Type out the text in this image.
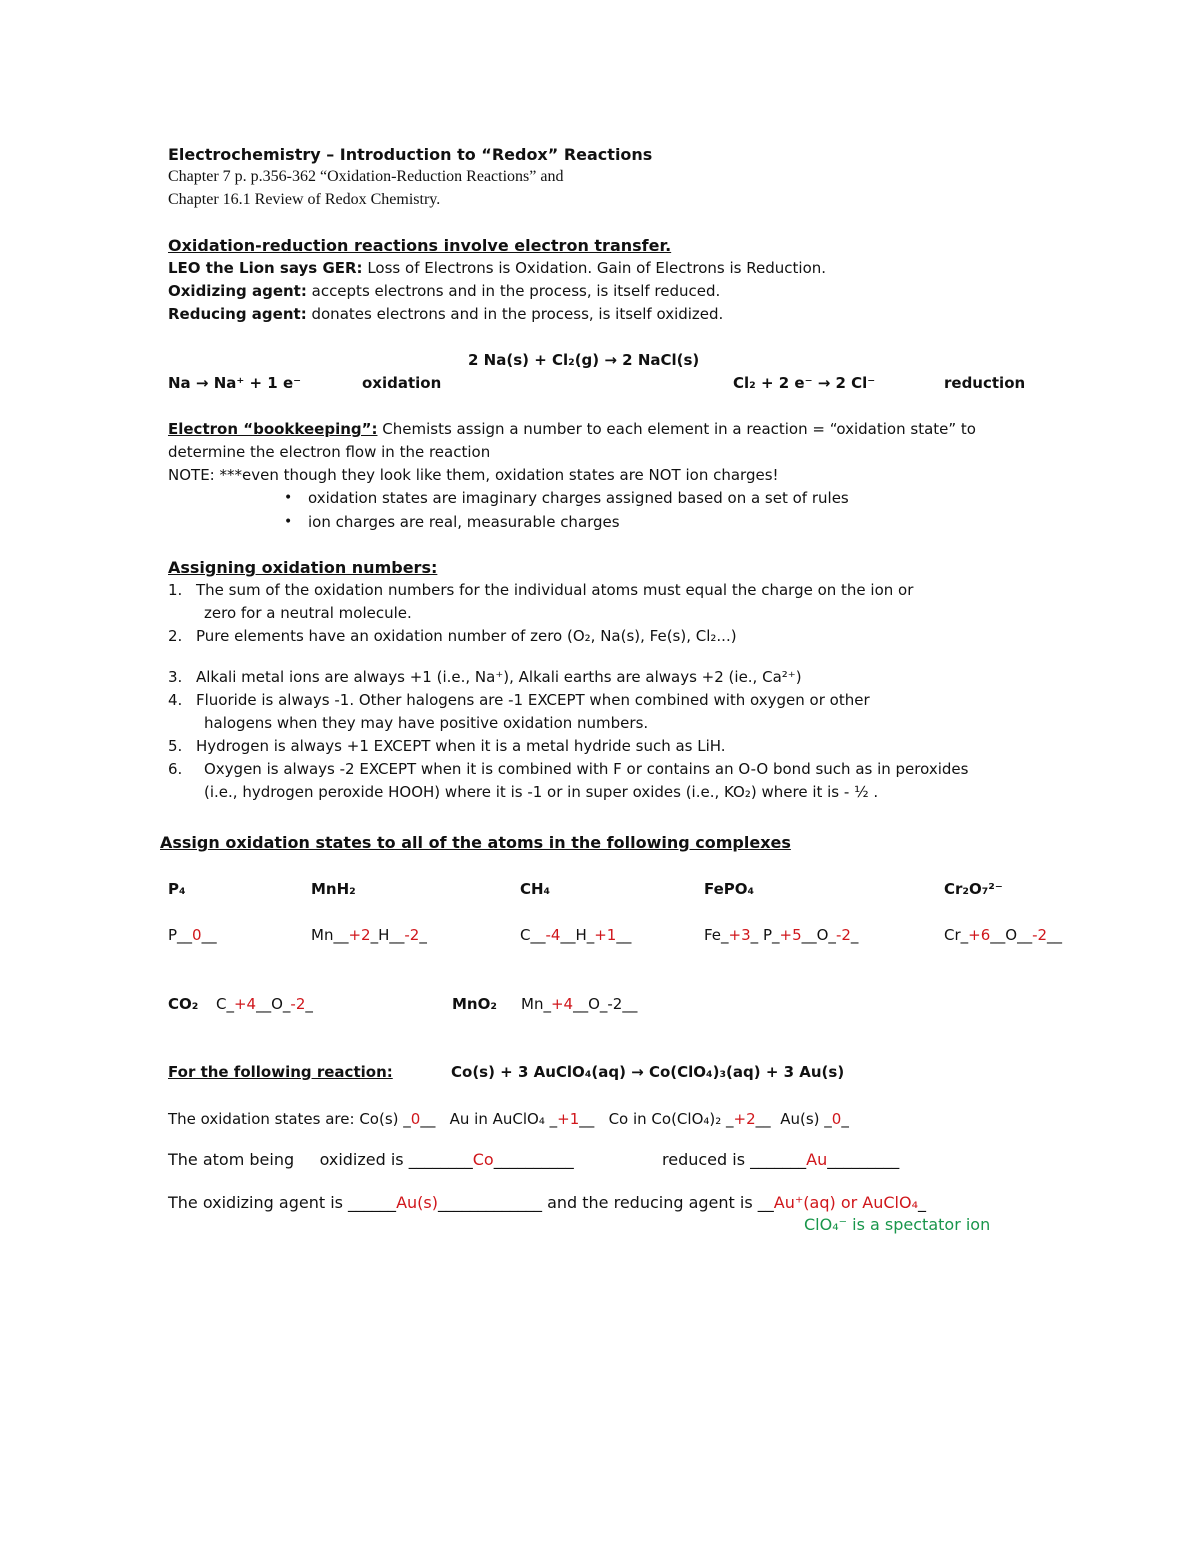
Electrochemistry – Introduction to “Redox” Reactions
Chapter 7 p. p.356-362 “Oxidation-Reduction Reactions” and
Chapter 16.1 Review of Redox Chemistry.
Oxidation-reduction reactions involve electron transfer.
LEO the Lion says GER: Loss of Electrons is Oxidation. Gain of Electrons is Reduction.
Oxidizing agent: accepts electrons and in the process, is itself reduced.
Reducing agent: donates electrons and in the process, is itself oxidized.
2 Na(s) + Cl₂(g) → 2 NaCl(s)
Na → Na⁺ + 1 e⁻	oxidation	Cl₂ + 2 e⁻ → 2 Cl⁻	reduction
Electron “bookkeeping”: Chemists assign a number to each element in a reaction = “oxidation state” to
determine the electron flow in the reaction
NOTE: ***even though they look like them, oxidation states are NOT ion charges!
• oxidation states are imaginary charges assigned based on a set of rules
• ion charges are real, measurable charges
Assigning oxidation numbers:
1. The sum of the oxidation numbers for the individual atoms must equal the charge on the ion or
zero for a neutral molecule.
2. Pure elements have an oxidation number of zero (O₂, Na(s), Fe(s), Cl₂...)
3. Alkali metal ions are always +1 (i.e., Na⁺), Alkali earths are always +2 (ie., Ca²⁺)
4. Fluoride is always -1. Other halogens are -1 EXCEPT when combined with oxygen or other
halogens when they may have positive oxidation numbers.
5. Hydrogen is always +1 EXCEPT when it is a metal hydride such as LiH.
6. Oxygen is always -2 EXCEPT when it is combined with F or contains an O-O bond such as in peroxides
(i.e., hydrogen peroxide HOOH) where it is -1 or in super oxides (i.e., KO₂) where it is - ½ .
Assign oxidation states to all of the atoms in the following complexes
P₄	MnH₂	CH₄	FePO₄	Cr₂O₇²⁻
P__0__	Mn__+2_H__-2_	C__-4__H_+1__	Fe_+3_ P_+5__O_-2_	Cr_+6__O__-2__
CO₂ C_+4__O_-2_	MnO₂ Mn_+4__O_-2__
For the following reaction:	Co(s) + 3 AuClO₄(aq) → Co(ClO₄)₃(aq) + 3 Au(s)
The oxidation states are: Co(s) _0__   Au in AuClO₄ _+1__   Co in Co(ClO₄)₂ _+2__  Au(s) _0_
The atom being oxidized is ________Co__________	reduced is _______Au_________
The oxidizing agent is ______Au(s)_____________ and the reducing agent is __Au⁺(aq) or AuClO₄_
ClO₄⁻ is a spectator ion
